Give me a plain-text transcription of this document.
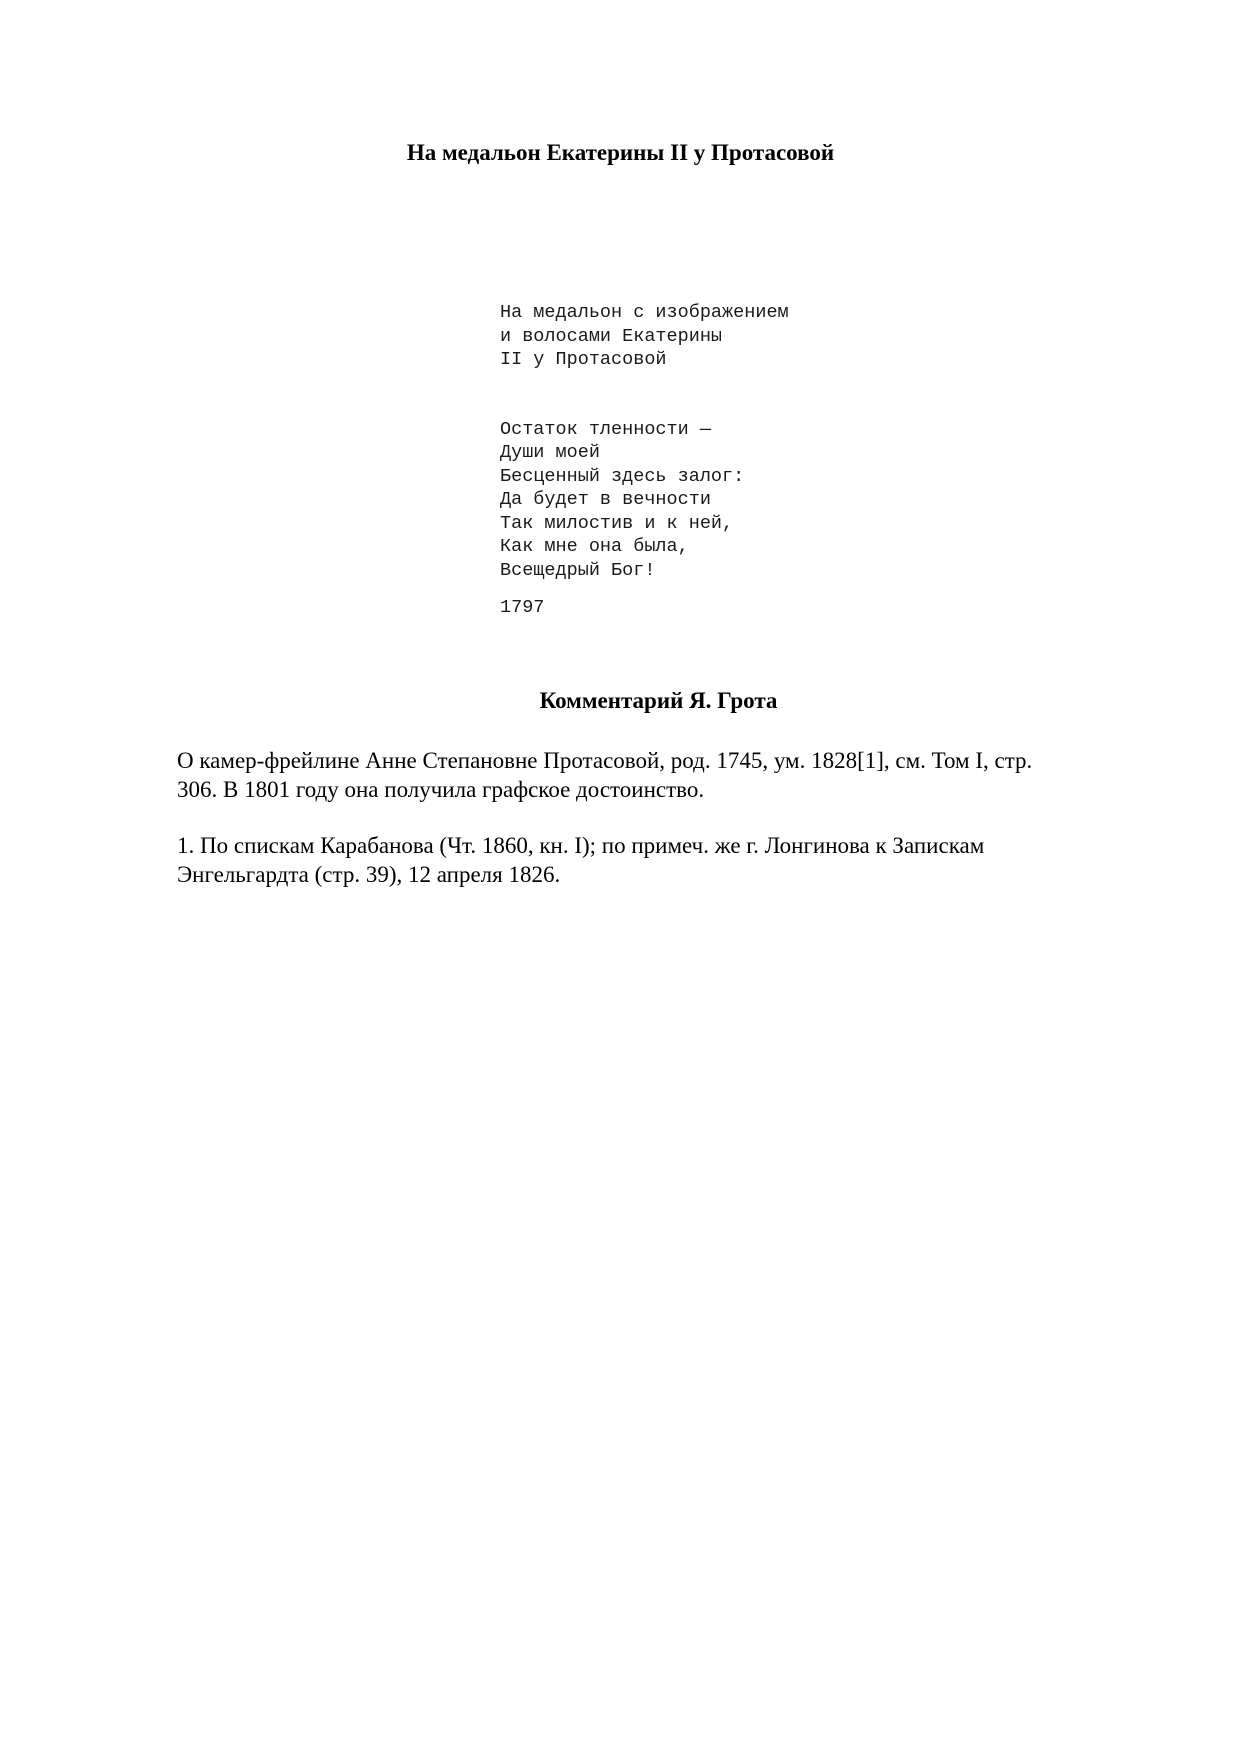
На медальон Екатерины II у Протасовой
На медальон с изображением
и волосами Екатерины
II у Протасовой
Остаток тленности —
Души моей
Бесценный здесь залог:
Да будет в вечности
Так милостив и к ней,
Как мне она была,
Всещедрый Бог!
1797
Комментарий Я. Грота

О камер-фрейлине Анне Степановне Протасовой, род. 1745, ум. 1828[1], см. Том I, стр.
306. В 1801 году она получила графское достоинство.

1. По спискам Карабанова (Чт. 1860, кн. I); по примеч. же г. Лонгинова к Запискам
Энгельгардта (стр. 39), 12 апреля 1826.
